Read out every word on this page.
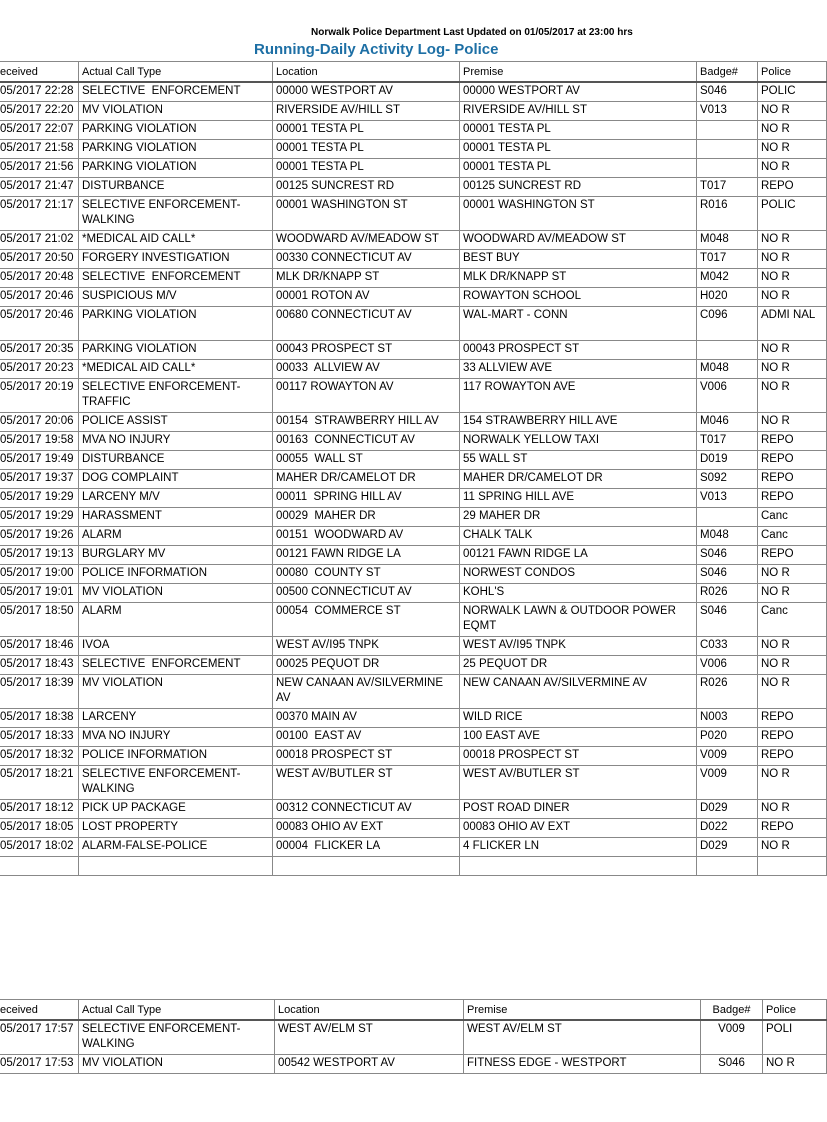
Norwalk Police Department Last Updated on 01/05/2017 at 23:00 hrs
Running-Daily Activity Log- Police
eceived	Actual Call Type	Location	Premise	Badge#	Police
05/2017 22:28	SELECTIVE  ENFORCEMENT	00000 WESTPORT AV	00000 WESTPORT AV	S046	POLIC
05/2017 22:20	MV VIOLATION	RIVERSIDE AV/HILL ST	RIVERSIDE AV/HILL ST	V013	NO R
05/2017 22:07	PARKING VIOLATION	00001 TESTA PL	00001 TESTA PL		NO R
05/2017 21:58	PARKING VIOLATION	00001 TESTA PL	00001 TESTA PL		NO R
05/2017 21:56	PARKING VIOLATION	00001 TESTA PL	00001 TESTA PL		NO R
05/2017 21:47	DISTURBANCE	00125 SUNCREST RD	00125 SUNCREST RD	T017	REPO
05/2017 21:17	SELECTIVE ENFORCEMENT-WALKING	00001 WASHINGTON ST	00001 WASHINGTON ST	R016	POLIC
05/2017 21:02	*MEDICAL AID CALL*	WOODWARD AV/MEADOW ST	WOODWARD AV/MEADOW ST	M048	NO R
05/2017 20:50	FORGERY INVESTIGATION	00330 CONNECTICUT AV	BEST BUY	T017	NO R
05/2017 20:48	SELECTIVE  ENFORCEMENT	MLK DR/KNAPP ST	MLK DR/KNAPP ST	M042	NO R
05/2017 20:46	SUSPICIOUS M/V	00001 ROTON AV	ROWAYTON SCHOOL	H020	NO R
05/2017 20:46	PARKING VIOLATION	00680 CONNECTICUT AV	WAL-MART - CONN	C096	ADMI NAL
05/2017 20:35	PARKING VIOLATION	00043 PROSPECT ST	00043 PROSPECT ST		NO R
05/2017 20:23	*MEDICAL AID CALL*	00033  ALLVIEW AV	33 ALLVIEW AVE	M048	NO R
05/2017 20:19	SELECTIVE ENFORCEMENT-TRAFFIC	00117 ROWAYTON AV	117 ROWAYTON AVE	V006	NO R
05/2017 20:06	POLICE ASSIST	00154  STRAWBERRY HILL AV	154 STRAWBERRY HILL AVE	M046	NO R
05/2017 19:58	MVA NO INJURY	00163  CONNECTICUT AV	NORWALK YELLOW TAXI	T017	REPO
05/2017 19:49	DISTURBANCE	00055  WALL ST	55 WALL ST	D019	REPO
05/2017 19:37	DOG COMPLAINT	MAHER DR/CAMELOT DR	MAHER DR/CAMELOT DR	S092	REPO
05/2017 19:29	LARCENY M/V	00011  SPRING HILL AV	11 SPRING HILL AVE	V013	REPO
05/2017 19:29	HARASSMENT	00029  MAHER DR	29 MAHER DR		Canc
05/2017 19:26	ALARM	00151  WOODWARD AV	CHALK TALK	M048	Canc
05/2017 19:13	BURGLARY MV	00121 FAWN RIDGE LA	00121 FAWN RIDGE LA	S046	REPO
05/2017 19:00	POLICE INFORMATION	00080  COUNTY ST	NORWEST CONDOS	S046	NO R
05/2017 19:01	MV VIOLATION	00500 CONNECTICUT AV	KOHL'S	R026	NO R
05/2017 18:50	ALARM	00054  COMMERCE ST	NORWALK LAWN & OUTDOOR POWER EQMT	S046	Canc
05/2017 18:46	IVOA	WEST AV/I95 TNPK	WEST AV/I95 TNPK	C033	NO R
05/2017 18:43	SELECTIVE  ENFORCEMENT	00025 PEQUOT DR	25 PEQUOT DR	V006	NO R
05/2017 18:39	MV VIOLATION	NEW CANAAN AV/SILVERMINE AV	NEW CANAAN AV/SILVERMINE AV	R026	NO R
05/2017 18:38	LARCENY	00370 MAIN AV	WILD RICE	N003	REPO
05/2017 18:33	MVA NO INJURY	00100  EAST AV	100 EAST AVE	P020	REPO
05/2017 18:32	POLICE INFORMATION	00018 PROSPECT ST	00018 PROSPECT ST	V009	REPO
05/2017 18:21	SELECTIVE ENFORCEMENT-WALKING	WEST AV/BUTLER ST	WEST AV/BUTLER ST	V009	NO R
05/2017 18:12	PICK UP PACKAGE	00312 CONNECTICUT AV	POST ROAD DINER	D029	NO R
05/2017 18:05	LOST PROPERTY	00083 OHIO AV EXT	00083 OHIO AV EXT	D022	REPO
05/2017 18:02	ALARM-FALSE-POLICE	00004  FLICKER LA	4 FLICKER LN	D029	NO R

eceived	Actual Call Type	Location	Premise	Badge#	Police
05/2017 17:57	SELECTIVE ENFORCEMENT-WALKING	WEST AV/ELM ST	WEST AV/ELM ST	V009	POLI
05/2017 17:53	MV VIOLATION	00542 WESTPORT AV	FITNESS EDGE - WESTPORT	S046	NO R
